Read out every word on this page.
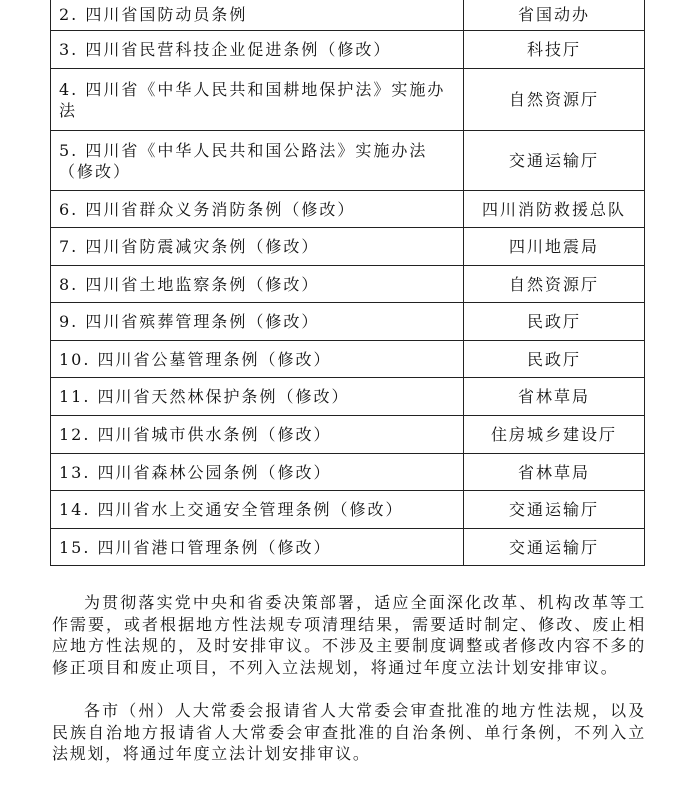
2. 四川省国防动员条例	省国动办
3. 四川省民营科技企业促进条例（修改）	科技厅
4. 四川省《中华人民共和国耕地保护法》实施办法	自然资源厅
5. 四川省《中华人民共和国公路法》实施办法（修改）	交通运输厅
6. 四川省群众义务消防条例（修改）	四川消防救援总队
7. 四川省防震减灾条例（修改）	四川地震局
8. 四川省土地监察条例（修改）	自然资源厅
9. 四川省殡葬管理条例（修改）	民政厅
10. 四川省公墓管理条例（修改）	民政厅
11. 四川省天然林保护条例（修改）	省林草局
12. 四川省城市供水条例（修改）	住房城乡建设厅
13. 四川省森林公园条例（修改）	省林草局
14. 四川省水上交通安全管理条例（修改）	交通运输厅
15. 四川省港口管理条例（修改）	交通运输厅

为贯彻落实党中央和省委决策部署，适应全面深化改革、机构改革等工作需要，或者根据地方性法规专项清理结果，需要适时制定、修改、废止相应地方性法规的，及时安排审议。不涉及主要制度调整或者修改内容不多的修正项目和废止项目，不列入立法规划，将通过年度立法计划安排审议。

各市（州）人大常委会报请省人大常委会审查批准的地方性法规，以及民族自治地方报请省人大常委会审查批准的自治条例、单行条例，不列入立法规划，将通过年度立法计划安排审议。
